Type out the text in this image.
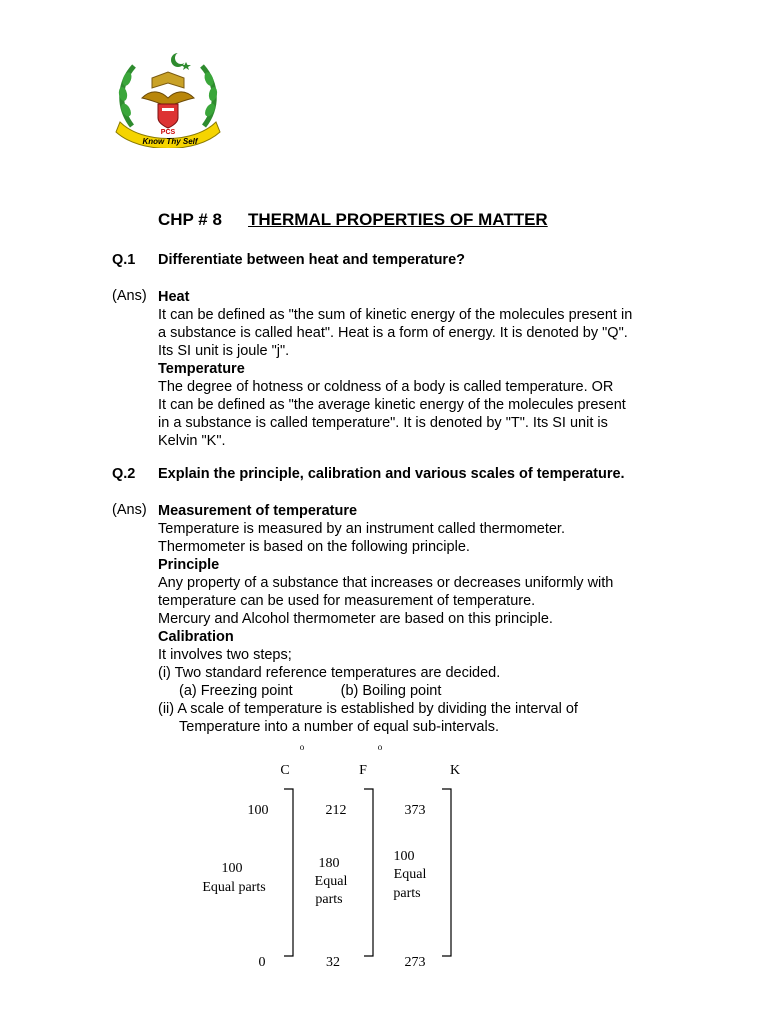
PCS
Know Thy Self
CHP # 8 THERMAL PROPERTIES OF MATTER
Q.1 Differentiate between heat and temperature?
(Ans) Heat

It can be defined as "the sum of kinetic energy of the molecules present in

a substance is called heat". Heat is a form of energy. It is denoted by "Q".

Its SI unit is joule "j".

Temperature

The degree of hotness or coldness of a body is called temperature. OR

It can be defined as "the average kinetic energy of the molecules present

in a substance is called temperature". It is denoted by "T". Its SI unit is

Kelvin "K".

Q.2 Explain the principle, calibration and various scales of temperature.
(Ans) Measurement of temperature

Temperature is measured by an instrument called thermometer.

Thermometer is based on the following principle.

Principle

Any property of a substance that increases or decreases uniformly with

temperature can be used for measurement of temperature.

Mercury and Alcohol thermometer are based on this principle.

Calibration

It involves two steps;

(i) Two standard reference temperatures are decided.

(a) Freezing point	(b) Boiling point

(ii) A scale of temperature is established by dividing the interval of

Temperature into a number of equal sub-intervals.

o	o
C	F	K
100	212	373
100
Equal parts
180
Equal
parts
100
Equal
parts
0	32	273
